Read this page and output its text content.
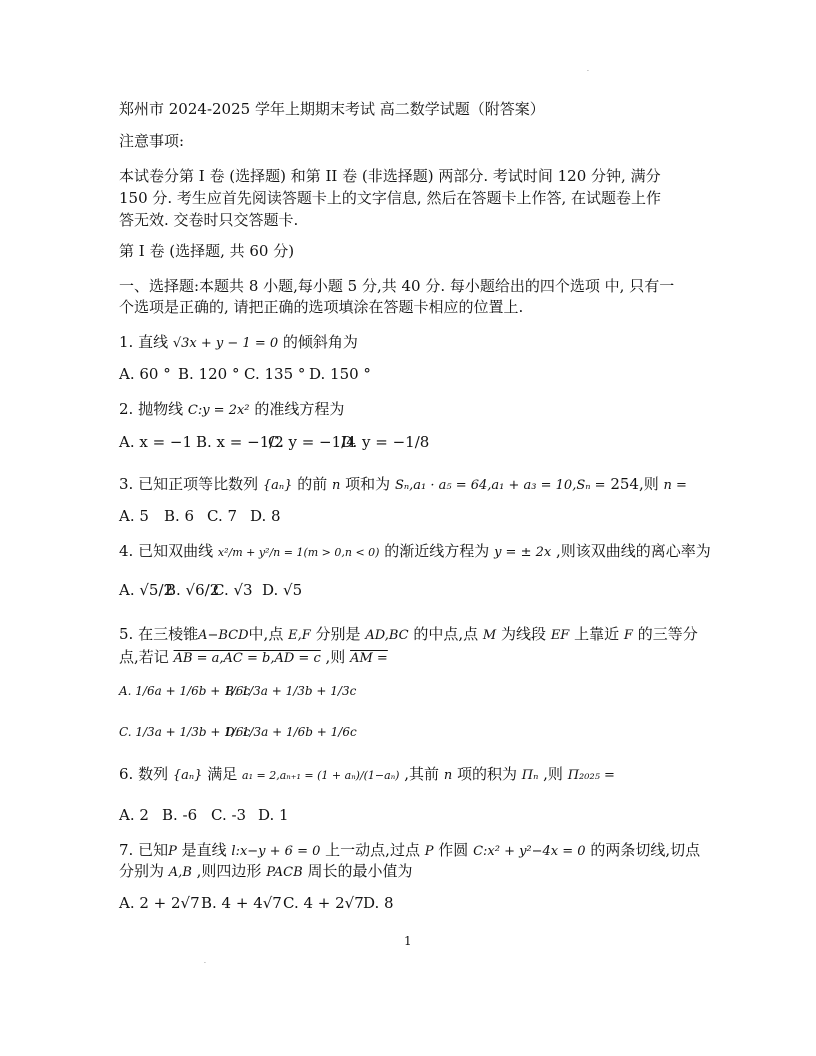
.
郑州市 2024-2025 学年上期期末考试 高二数学试题（附答案）
注意事项:
本试卷分第 I 卷 (选择题) 和第 II 卷 (非选择题) 两部分. 考试时间 120 分钟, 满分
150 分. 考生应首先阅读答题卡上的文字信息, 然后在答题卡上作答, 在试题卷上作
答无效. 交卷时只交答题卡.
第 I 卷 (选择题, 共 60 分)
一、选择题:本题共 8 小题,每小题 5 分,共 40 分. 每小题给出的四个选项 中, 只有一
个选项是正确的, 请把正确的选项填涂在答题卡相应的位置上.
1. 直线 √3x + y − 1 = 0 的倾斜角为
A. 60 ° B. 120 ° C. 135 ° D. 150 °
2. 抛物线 C:y = 2x² 的准线方程为
A. x = −1 B. x = −1/2
C. y = −1/4
D. y = −1/8
3. 已知正项等比数列 {aₙ} 的前 n 项和为 Sₙ,a₁ · a₅ = 64,a₁ + a₃ = 10,Sₙ = 254,则 n =
A. 5 B. 6 C. 7 D. 8
4. 已知双曲线 x²/m + y²/n = 1(m > 0,n < 0) 的渐近线方程为 y = ± 2x ,则该双曲线的离心率为
A. √5/2
B. √6/2
C. √3 D. √5
5. 在三棱锥A−BCD中,点 E,F 分别是 AD,BC 的中点,点 M 为线段 EF 上靠近 F 的三等分
点,若记 AB = a,AC = b,AD = c ,则 AM =
A. 1/6a + 1/6b + 1/6c
B. 1/3a + 1/3b + 1/3c
C. 1/3a + 1/3b + 1/6c
D. 1/3a + 1/6b + 1/6c
6. 数列 {aₙ} 满足 a₁ = 2,aₙ₊₁ = (1 + aₙ)/(1−aₙ) ,其前 n 项的积为 Πₙ ,则 Π₂₀₂₅ =
A. 2 B. -6 C. -3 D. 1
7. 已知P 是直线 l:x−y + 6 = 0 上一动点,过点 P 作圆 C:x² + y²−4x = 0 的两条切线,切点
分别为 A,B ,则四边形 PACB 周长的最小值为
A. 2 + 2√7 B. 4 + 4√7 C. 4 + 2√7 D. 8
1
.
